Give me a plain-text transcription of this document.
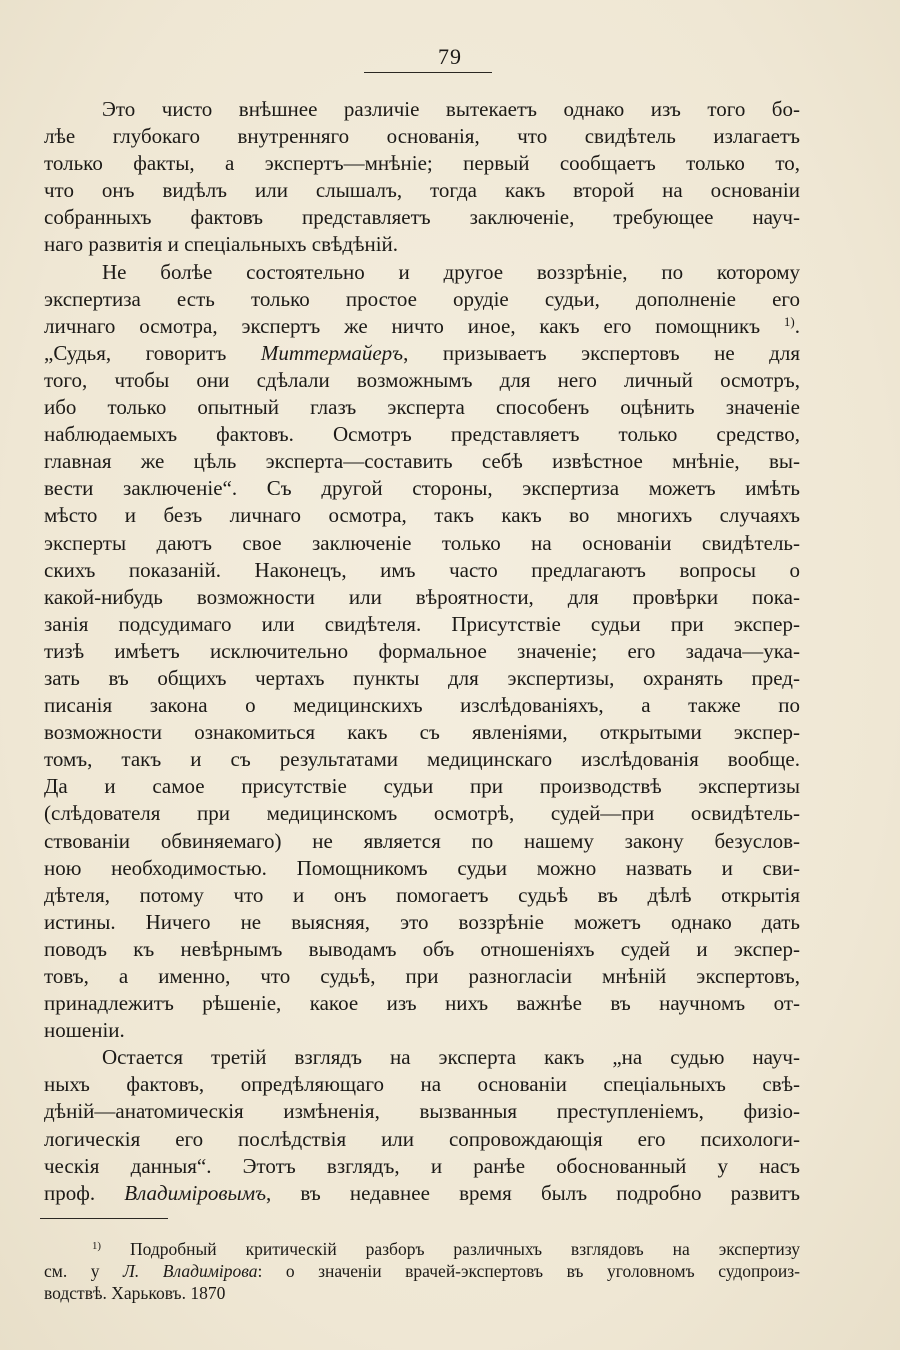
79
Это чисто внѣшнее различіе вытекаетъ однако изъ того бо-
лѣе глубокаго внутренняго основанія, что свидѣтель излагаетъ
только факты, а экспертъ—мнѣніе; первый сообщаетъ только то,
что онъ видѣлъ или слышалъ, тогда какъ второй на основаніи
собранныхъ фактовъ представляетъ заключеніе, требующее науч-
наго развитія и спеціальныхъ свѣдѣній.
Не болѣе состоятельно и другое воззрѣніе, по которому
экспертиза есть только простое орудіе судьи, дополненіе его
личнаго осмотра, экспертъ же ничто иное, какъ его помощникъ $^{1)}$.
„Судья, говоритъ Миттермайеръ, призываетъ экспертовъ не для
того, чтобы они сдѣлали возможнымъ для него личный осмотръ,
ибо только опытный глазъ эксперта способенъ оцѣнить значеніе
наблюдаемыхъ фактовъ. Осмотръ представляетъ только средство,
главная же цѣль эксперта—составить себѣ извѣстное мнѣніе, вы-
вести заключеніе“. Съ другой стороны, экспертиза можетъ имѣть
мѣсто и безъ личнаго осмотра, такъ какъ во многихъ случаяхъ
эксперты даютъ свое заключеніе только на основаніи свидѣтель-
скихъ показаній. Наконецъ, имъ часто предлагаютъ вопросы о
какой-нибудь возможности или вѣроятности, для провѣрки пока-
занія подсудимаго или свидѣтеля. Присутствіе судьи при экспер-
тизѣ имѣетъ исключительно формальное значеніе; его задача—ука-
зать въ общихъ чертахъ пункты для экспертизы, охранять пред-
писанія закона о медицинскихъ изслѣдованіяхъ, а также по
возможности ознакомиться какъ съ явленіями, открытыми экспер-
томъ, такъ и съ результатами медицинскаго изслѣдованія вообще.
Да и самое присутствіе судьи при производствѣ экспертизы
(слѣдователя при медицинскомъ осмотрѣ, судей—при освидѣтель-
ствованіи обвиняемаго) не является по нашему закону безуслов-
ною необходимостью. Помощникомъ судьи можно назвать и сви-
дѣтеля, потому что и онъ помогаетъ судьѣ въ дѣлѣ открытія
истины. Ничего не выясняя, это воззрѣніе можетъ однако дать
поводъ къ невѣрнымъ выводамъ объ отношеніяхъ судей и экспер-
товъ, а именно, что судьѣ, при разногласіи мнѣній экспертовъ,
принадлежитъ рѣшеніе, какое изъ нихъ важнѣе въ научномъ от-
ношеніи.
Остается третій взглядъ на эксперта какъ „на судью науч-
ныхъ фактовъ, опредѣляющаго на основаніи спеціальныхъ свѣ-
дѣній—анатомическія измѣненія, вызванныя преступленіемъ, физіо-
логическія его послѣдствія или сопровождающія его психологи-
ческія данныя“. Этотъ взглядъ, и ранѣе обоснованный у насъ
проф. Владиміровымъ, въ недавнее время былъ подробно развитъ
$^{1)}$ Подробный критическій разборъ различныхъ взглядовъ на экспертизу
см. у Л. Владимірова: о значеніи врачей-экспертовъ въ уголовномъ судопроиз-
водствѣ. Харьковъ. 1870
